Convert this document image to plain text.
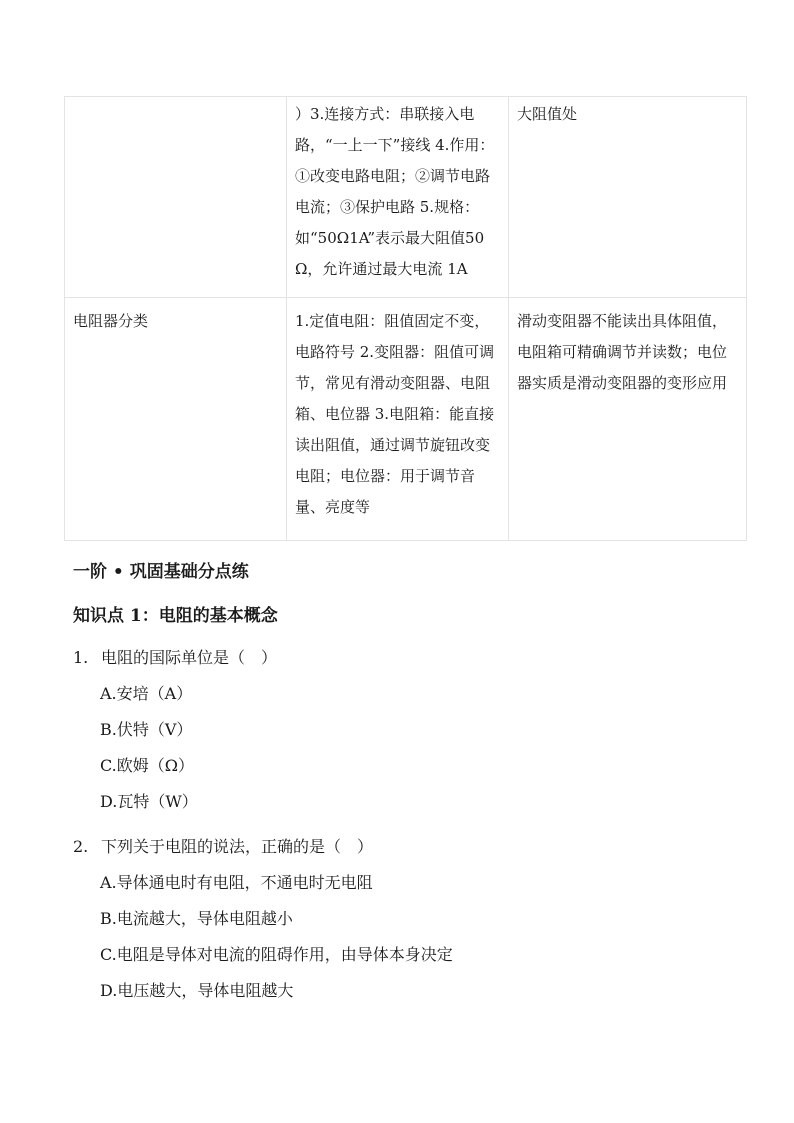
	）3.连接方式：串联接入电路，“一上一下”接线 4.作用：①改变电路电阻；②调节电路电流；③保护电路 5.规格：如“50Ω1A”表示最大阻值50Ω，允许通过最大电流 1A	大阻值处
电阻器分类	1.定值电阻：阻值固定不变，电路符号 2.变阻器：阻值可调节，常见有滑动变阻器、电阻箱、电位器 3.电阻箱：能直接读出阻值，通过调节旋钮改变电阻；电位器：用于调节音量、亮度等	滑动变阻器不能读出具体阻值，电阻箱可精确调节并读数；电位器实质是滑动变阻器的变形应用
一阶 • 巩固基础分点练
知识点 1：电阻的基本概念
1. 电阻的国际单位是（　）
A.安培（A）
B.伏特（V）
C.欧姆（Ω）
D.瓦特（W）
2. 下列关于电阻的说法，正确的是（　）
A.导体通电时有电阻，不通电时无电阻
B.电流越大，导体电阻越小
C.电阻是导体对电流的阻碍作用，由导体本身决定
D.电压越大，导体电阻越大
